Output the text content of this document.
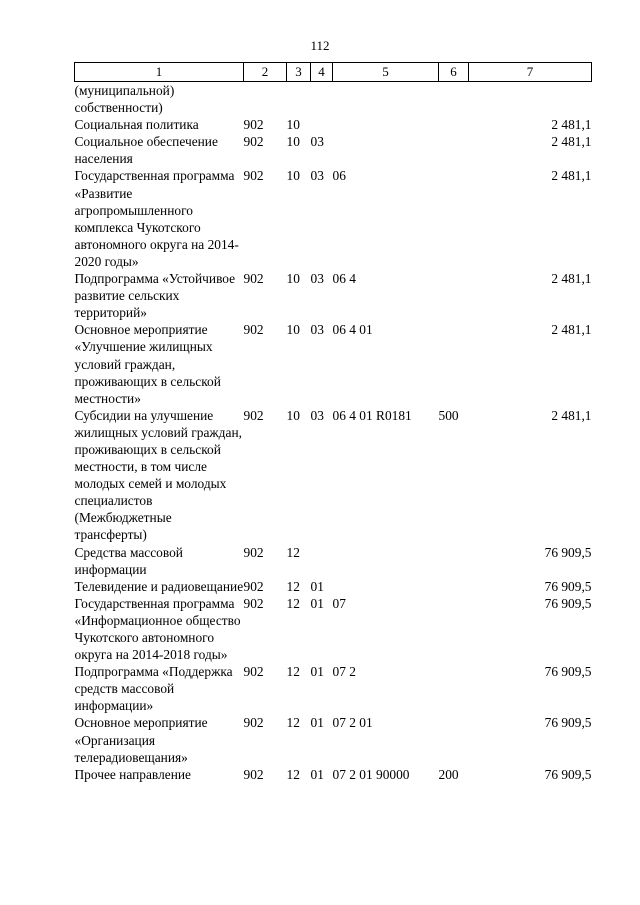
112
1	2	3	4	5	6	7
(муниципальной) собственности)						
Социальная политика	902	10				2 481,1
Социальное обеспечение населения	902	10	03			2 481,1
Государственная программа «Развитие агропромышленного комплекса Чукотского автономного округа на 2014-2020 годы»	902	10	03	06		2 481,1
Подпрограмма «Устойчивое развитие сельских территорий»	902	10	03	06 4		2 481,1
Основное мероприятие «Улучшение жилищных условий граждан, проживающих в сельской местности»	902	10	03	06 4 01		2 481,1
Субсидии на улучшение жилищных условий граждан, проживающих в сельской местности, в том числе молодых семей и молодых специалистов (Межбюджетные трансферты)	902	10	03	06 4 01 R0181	500	2 481,1
Средства массовой информации	902	12				76 909,5
Телевидение и радиовещание	902	12	01			76 909,5
Государственная программа «Информационное общество Чукотского автономного округа на 2014-2018 годы»	902	12	01	07		76 909,5
Подпрограмма «Поддержка средств массовой информации»	902	12	01	07 2		76 909,5
Основное мероприятие «Организация телерадиовещания»	902	12	01	07 2 01		76 909,5
Прочее направление	902	12	01	07 2 01 90000	200	76 909,5
